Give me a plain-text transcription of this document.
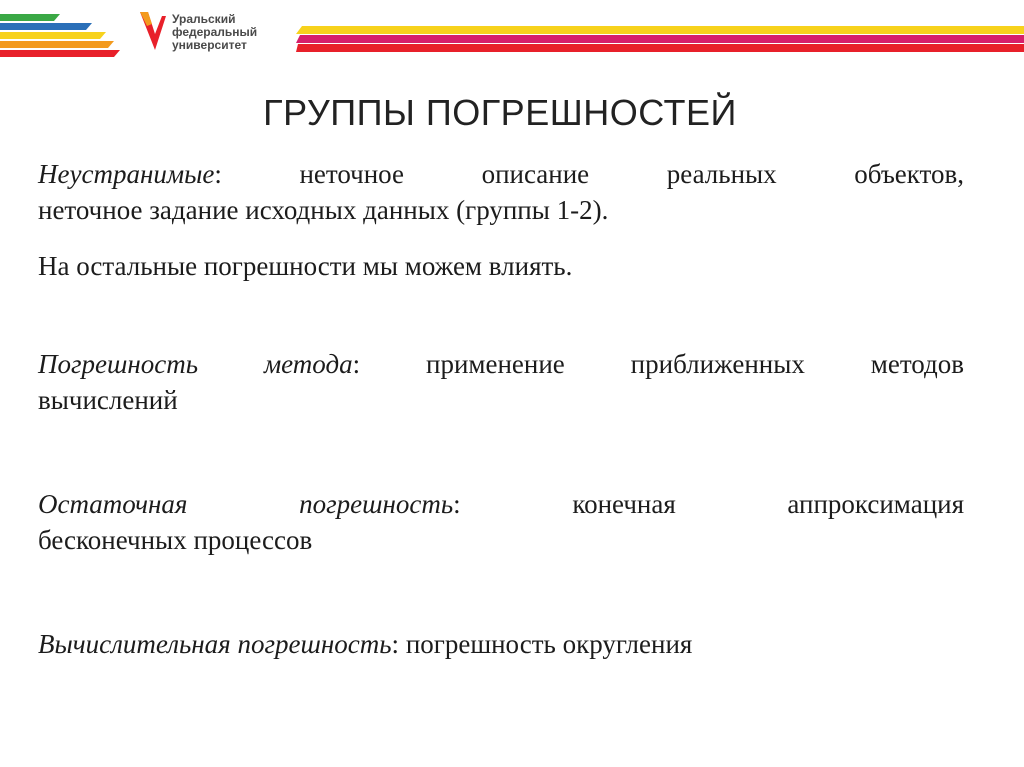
Уральский
федеральный
университет
ГРУППЫ ПОГРЕШНОСТЕЙ
Неустранимые: неточное описание реальных объектов,
неточное задание исходных данных (группы 1-2).
На остальные погрешности мы можем влиять.
Погрешность метода: применение приближенных методов
вычислений
Остаточная погрешность: конечная аппроксимация
бесконечных процессов
Вычислительная погрешность: погрешность округления
